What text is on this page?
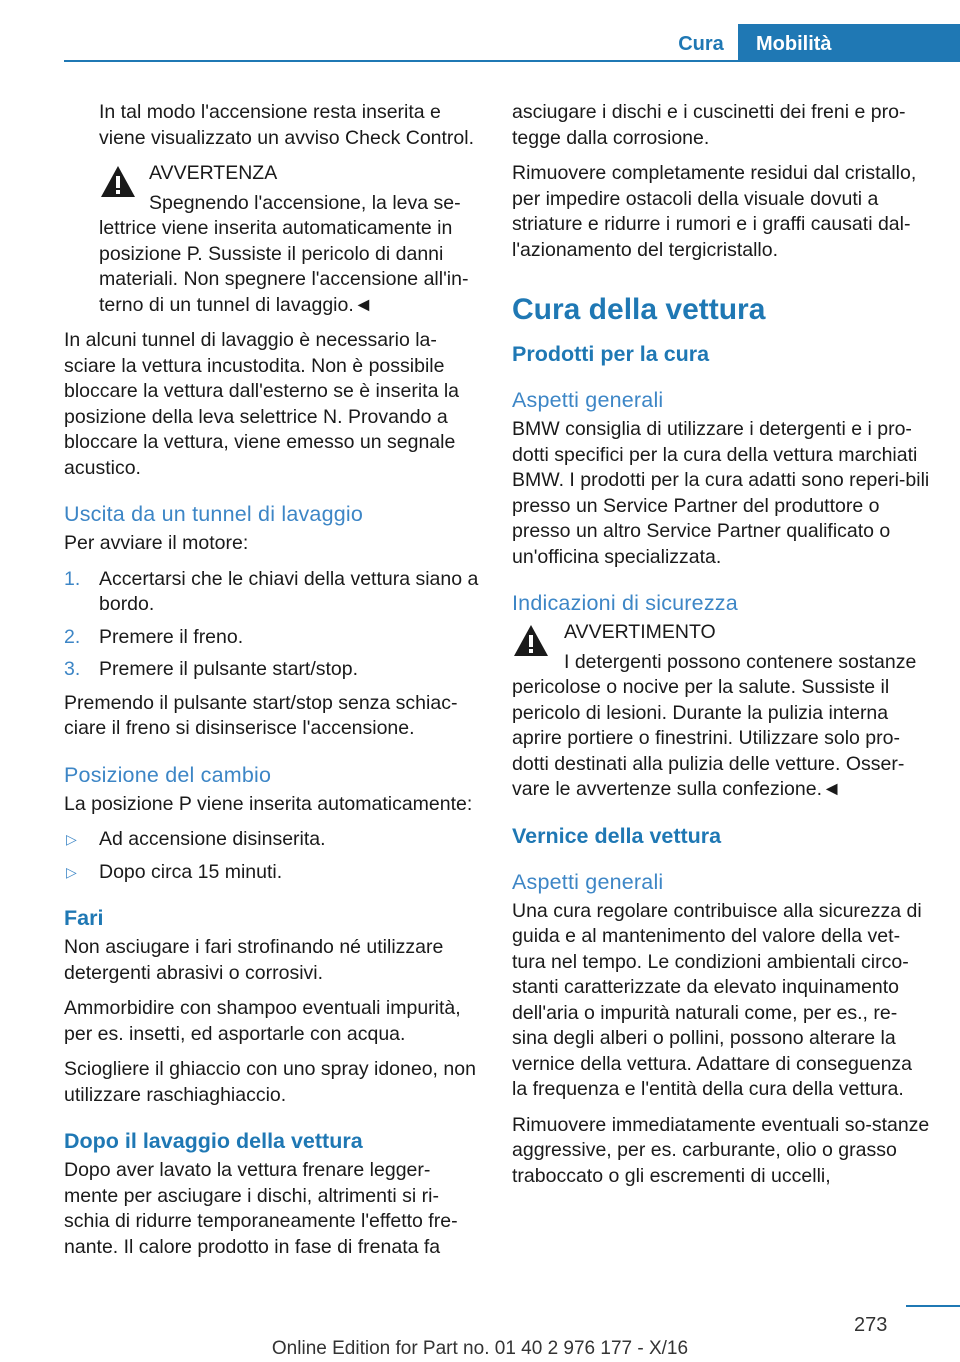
Cura	Mobilità

In tal modo l'accensione resta inserita e viene visualizzato un avviso Check Control.

AVVERTENZA

Spegnendo l'accensione, la leva se-
lettrice viene inserita automaticamente in posizione P. Sussiste il pericolo di danni materiali. Non spegnere l'accensione all'in-terno di un tunnel di lavaggio.◄

In alcuni tunnel di lavaggio è necessario la-sciare la vettura incustodita. Non è possibile bloccare la vettura dall'esterno se è inserita la posizione della leva selettrice N. Provando a bloccare la vettura, viene emesso un segnale acustico.

Uscita da un tunnel di lavaggio

Per avviare il motore:

1. Accertarsi che le chiavi della vettura siano a bordo.
2. Premere il freno.
3. Premere il pulsante start/stop.

Premendo il pulsante start/stop senza schiac-ciare il freno si disinserisce l'accensione.

Posizione del cambio

La posizione P viene inserita automaticamente:

▷ Ad accensione disinserita.
▷ Dopo circa 15 minuti.
Fari

Non asciugare i fari strofinando né utilizzare detergenti abrasivi o corrosivi.

Ammorbidire con shampoo eventuali impurità, per es. insetti, ed asportarle con acqua.

Sciogliere il ghiaccio con uno spray idoneo, non utilizzare raschiaghiaccio.

Dopo il lavaggio della vettura

Dopo aver lavato la vettura frenare legger-mente per asciugare i dischi, altrimenti si ri-schia di ridurre temporaneamente l'effetto fre-nante. Il calore prodotto in fase di frenata fa

asciugare i dischi e i cuscinetti dei freni e pro-tegge dalla corrosione.

Rimuovere completamente residui dal cristallo, per impedire ostacoli della visuale dovuti a striature e ridurre i rumori e i graffi causati dal-l'azionamento del tergicristallo.

Cura della vettura
Prodotti per la cura
Aspetti generali

BMW consiglia di utilizzare i detergenti e i pro-dotti specifici per la cura della vettura marchiati BMW. I prodotti per la cura adatti sono reperi-bili presso un Service Partner del produttore o presso un altro Service Partner qualificato o un'officina specializzata.

Indicazioni di sicurezza

AVVERTIMENTO

I detergenti possono contenere sostanze
pericolose o nocive per la salute. Sussiste il pericolo di lesioni. Durante la pulizia interna aprire portiere o finestrini. Utilizzare solo pro-dotti destinati alla pulizia delle vetture. Osser-vare le avvertenze sulla confezione.◄

Vernice della vettura
Aspetti generali

Una cura regolare contribuisce alla sicurezza di guida e al mantenimento del valore della vet-tura nel tempo. Le condizioni ambientali circo-stanti caratterizzate da elevato inquinamento dell'aria o impurità naturali come, per es., re-sina degli alberi o pollini, possono alterare la vernice della vettura. Adattare di conseguenza la frequenza e l'entità della cura della vettura.

Rimuovere immediatamente eventuali so-stanze aggressive, per es. carburante, olio o grasso traboccato o gli escrementi di uccelli,

273
Online Edition for Part no. 01 40 2 976 177 - X/16
